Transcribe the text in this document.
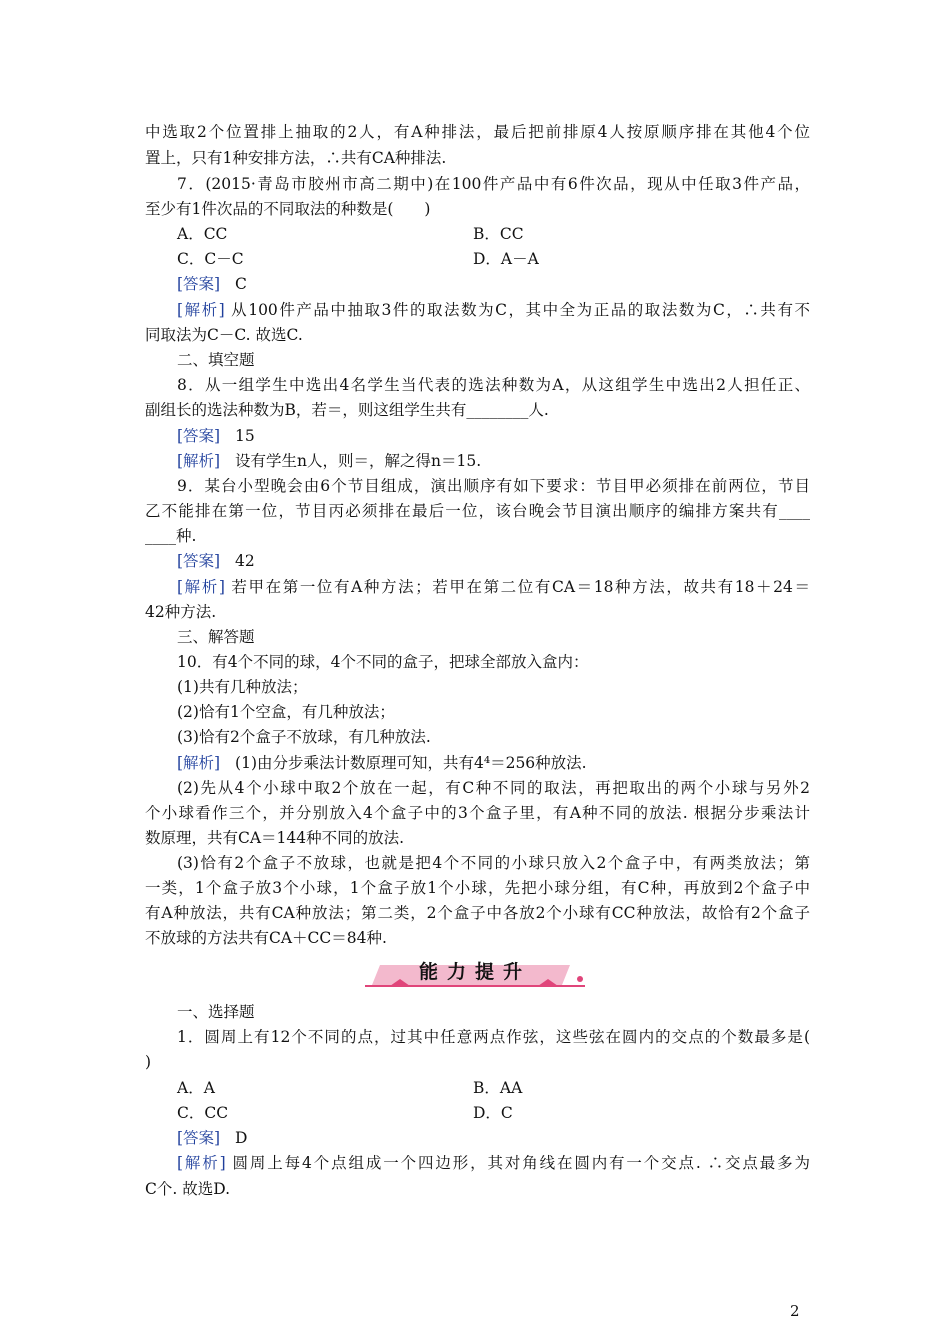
中选取2个位置排上抽取的2人，有A种排法，最后把前排原4人按原顺序排在其他4个位
置上，只有1种安排方法，∴共有CA种排法.
7．(2015·青岛市胶州市高二期中)在100件产品中有6件次品，现从中任取3件产品，
至少有1件次品的不同取法的种数是(　　)
A．CC	B．CC
C．C－C	D．A－A
[答案] C
[解析] 从100件产品中抽取3件的取法数为C，其中全为正品的取法数为C，∴共有不
同取法为C－C. 故选C.
二、填空题
8．从一组学生中选出4名学生当代表的选法种数为A，从这组学生中选出2人担任正、
副组长的选法种数为B，若＝，则这组学生共有________人.
[答案] 15
[解析] 设有学生n人，则＝，解之得n＝15.
9．某台小型晚会由6个节目组成，演出顺序有如下要求：节目甲必须排在前两位，节目
乙不能排在第一位，节目丙必须排在最后一位，该台晚会节目演出顺序的编排方案共有____
____种.
[答案] 42
[解析] 若甲在第一位有A种方法；若甲在第二位有CA＝18种方法，故共有18＋24＝
42种方法.
三、解答题
10．有4个不同的球，4个不同的盒子，把球全部放入盒内：
(1)共有几种放法；
(2)恰有1个空盒，有几种放法；
(3)恰有2个盒子不放球，有几种放法.
[解析] (1)由分步乘法计数原理可知，共有4⁴＝256种放法.
(2)先从4个小球中取2个放在一起，有C种不同的取法，再把取出的两个小球与另外2
个小球看作三个，并分别放入4个盒子中的3个盒子里，有A种不同的放法. 根据分步乘法计
数原理，共有CA＝144种不同的放法.
(3)恰有2个盒子不放球，也就是把4个不同的小球只放入2个盒子中，有两类放法；第
一类，1个盒子放3个小球，1个盒子放1个小球，先把小球分组，有C种，再放到2个盒子中
有A种放法，共有CA种放法；第二类，2个盒子中各放2个小球有CC种放法，故恰有2个盒子
不放球的方法共有CA＋CC＝84种.
能力提升
一、选择题
1．圆周上有12个不同的点，过其中任意两点作弦，这些弦在圆内的交点的个数最多是(
)
A．A	B．AA
C．CC	D．C
[答案] D
[解析] 圆周上每4个点组成一个四边形，其对角线在圆内有一个交点. ∴交点最多为
C个. 故选D.
2
